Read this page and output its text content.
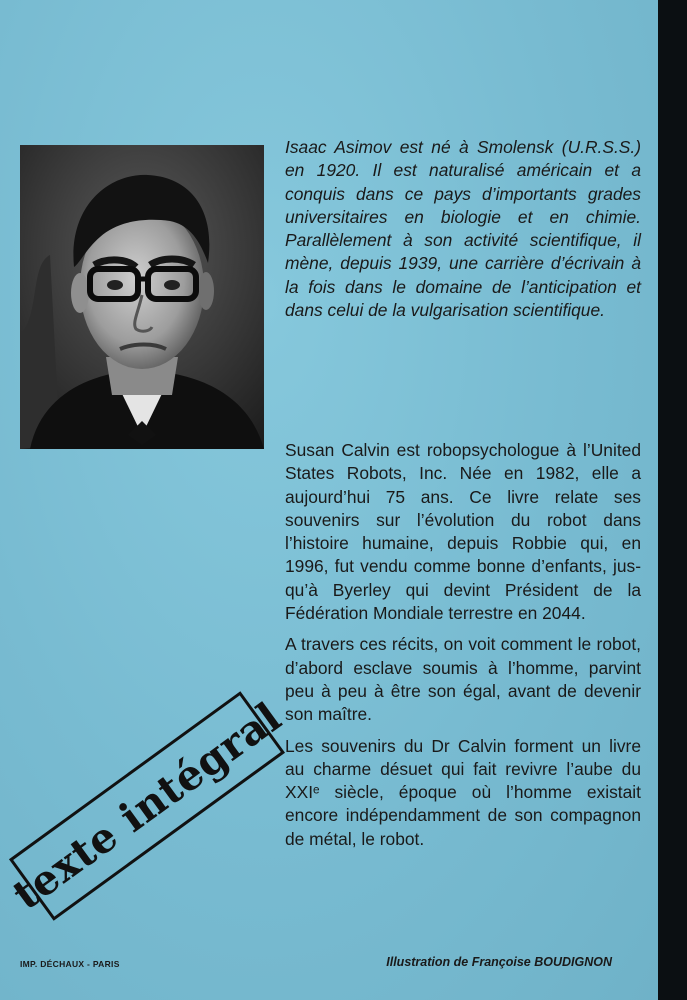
Isaac Asimov est né à Smolensk (U.R.S.S.) en 1920. Il est naturalisé américain et a conquis dans ce pays d’importants grades universitaires en biologie et en chimie. Parallèlement à son activité scientifique, il mène, depuis 1939, une carrière d’écrivain à la fois dans le domaine de l’anticipation et dans celui de la vulgarisation scientifique.

Susan Calvin est robopsychologue à l’United States Robots, Inc. Née en 1982, elle a aujourd’hui 75 ans. Ce livre relate ses souvenirs sur l’évolution du robot dans l’histoire humaine, depuis Robbie qui, en 1996, fut vendu comme bonne d’enfants, jusqu’à Byerley qui devint Président de la Fédération Mondiale terrestre en 2044.

A travers ces récits, on voit comment le robot, d’abord esclave soumis à l’homme, parvint peu à peu à être son égal, avant de devenir son maître.

Les souvenirs du Dr Calvin forment un livre au charme désuet qui fait revivre l’aube du XXIᵉ siècle, époque où l’homme existait encore indépendamment de son compagnon de métal, le robot.

texte intégral
IMP. DÉCHAUX - PARIS	Illustration de Françoise BOUDIGNON
